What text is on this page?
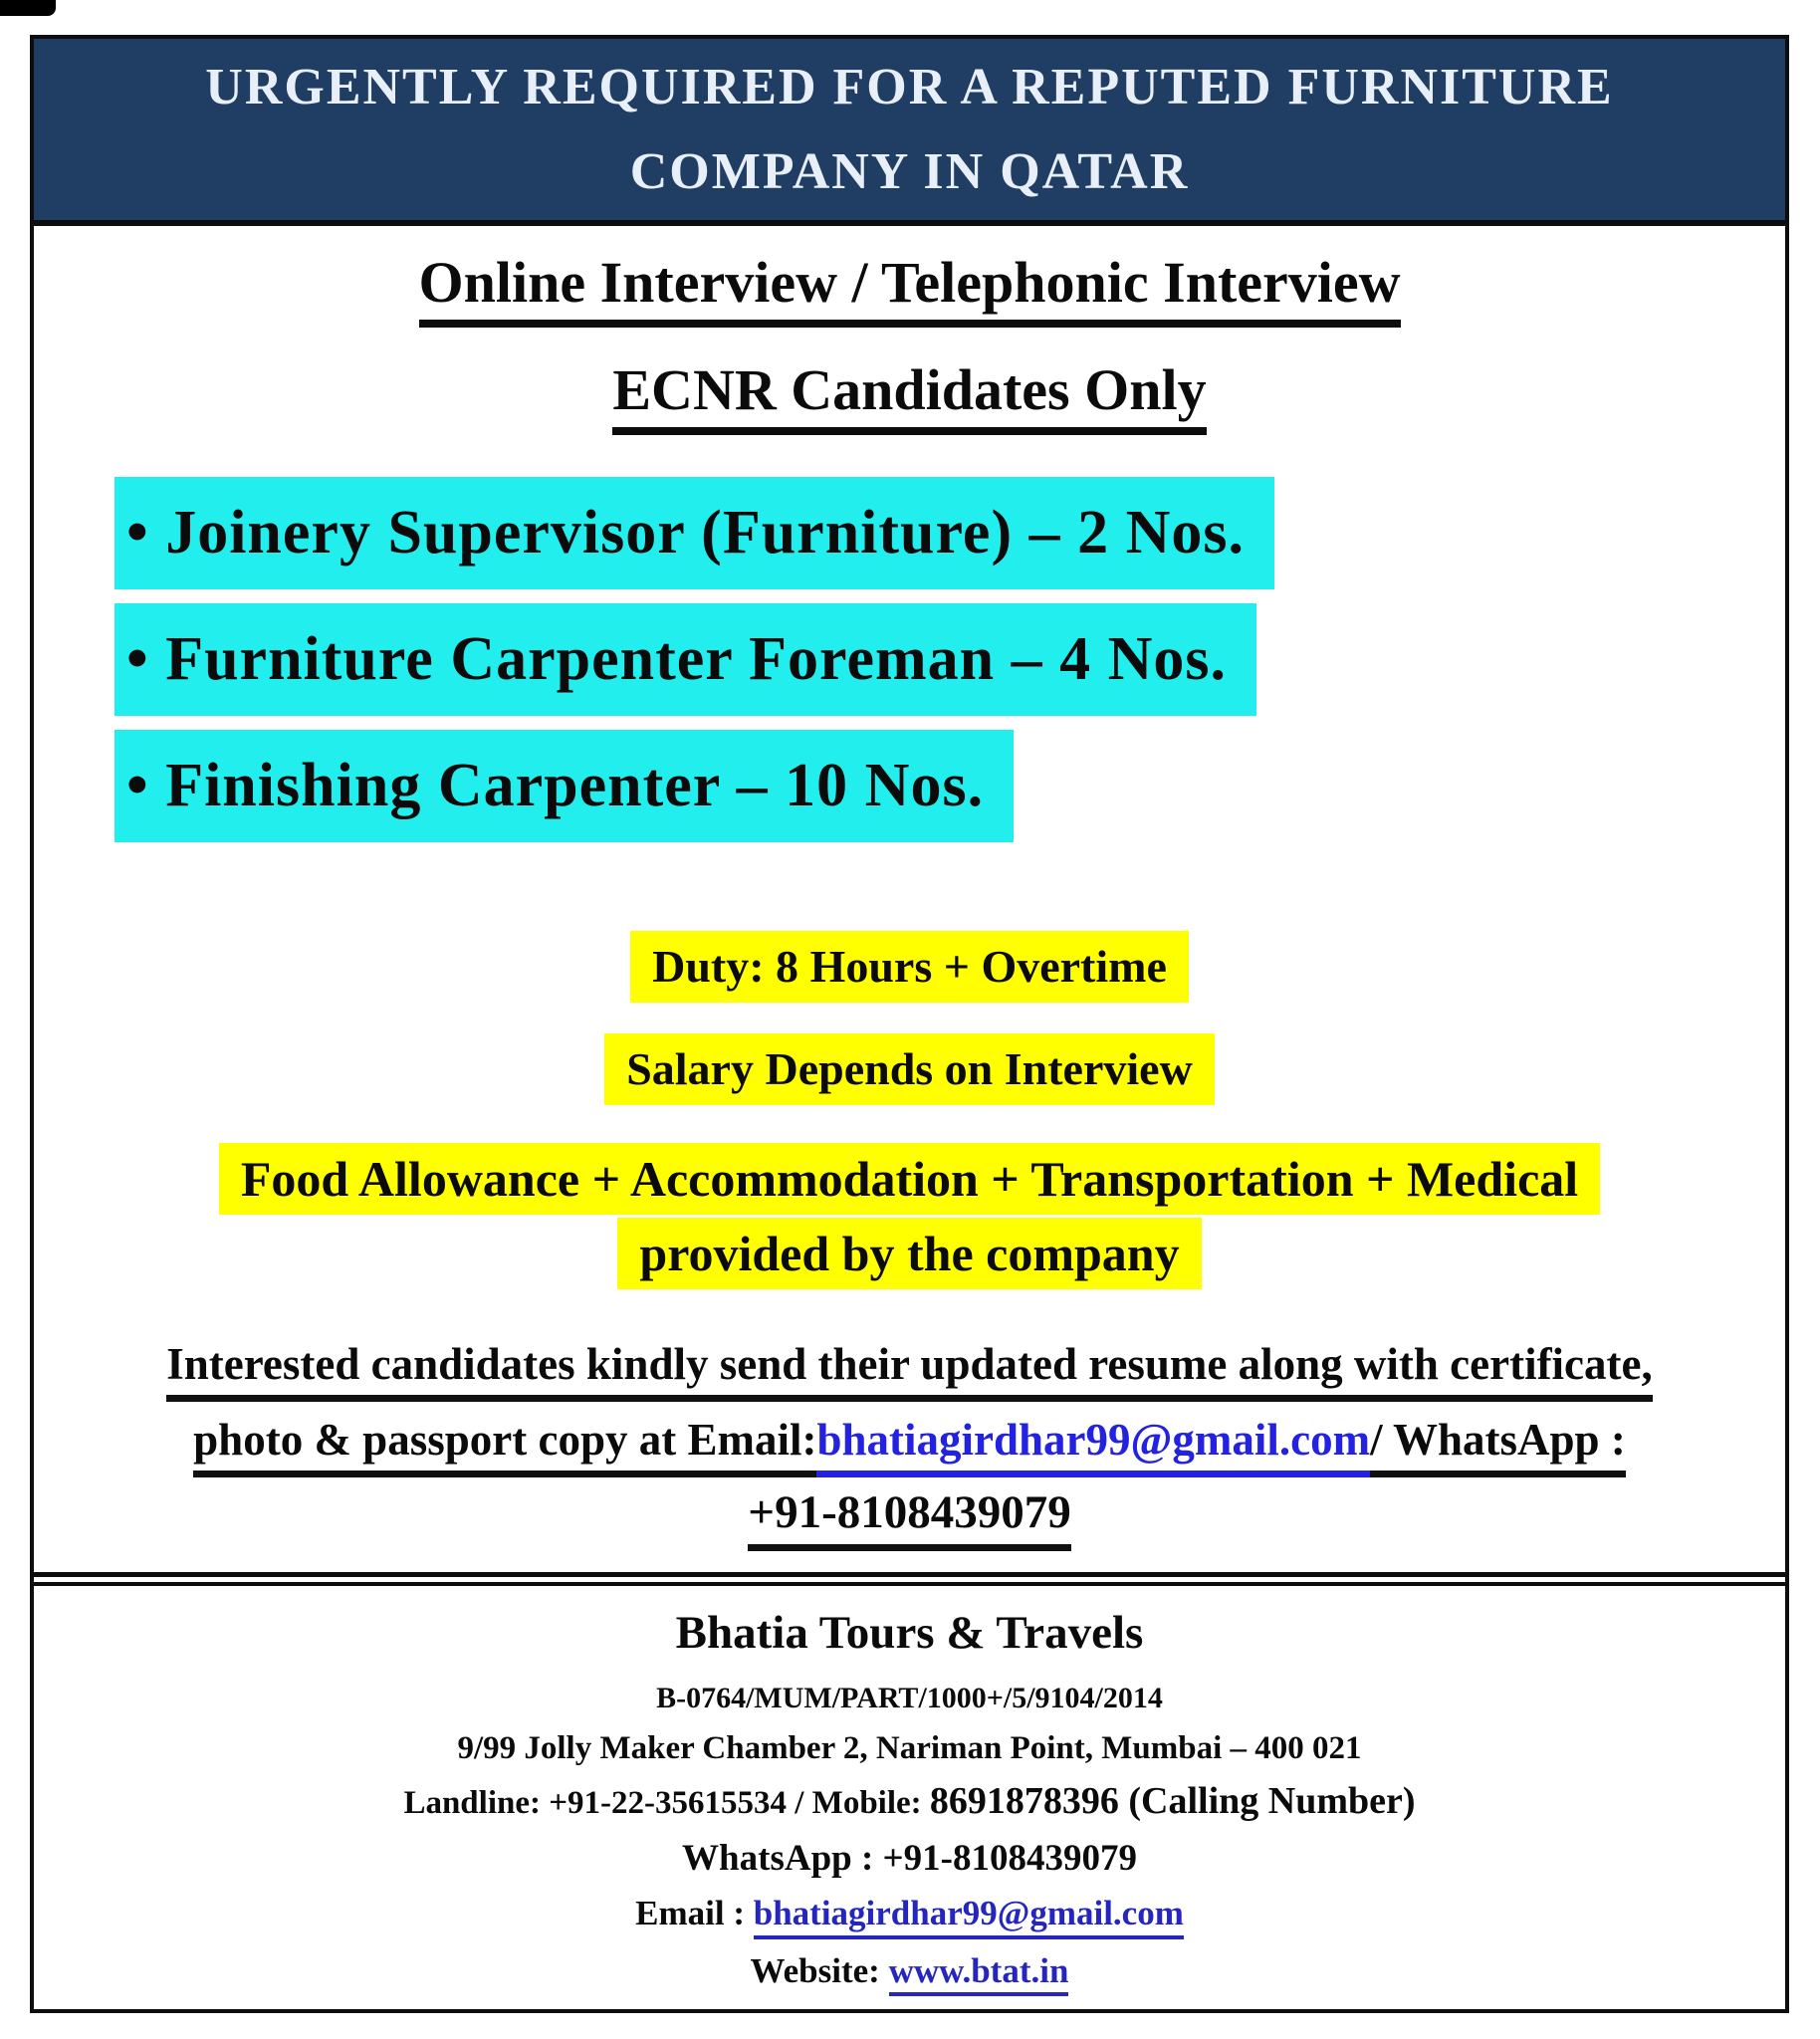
URGENTLY REQUIRED FOR A REPUTED FURNITURE
COMPANY IN QATAR
Online Interview / Telephonic Interview
ECNR Candidates Only
• Joinery Supervisor (Furniture) – 2 Nos.
• Furniture Carpenter Foreman – 4 Nos.
• Finishing Carpenter – 10 Nos.
Duty: 8 Hours + Overtime
Salary Depends on Interview
Food Allowance + Accommodation + Transportation + Medical
provided by the company
Interested candidates kindly send their updated resume along with certificate,
photo & passport copy at Email:bhatiagirdhar99@gmail.com/ WhatsApp :
+91-8108439079
Bhatia Tours & Travels
B-0764/MUM/PART/1000+/5/9104/2014
9/99 Jolly Maker Chamber 2, Nariman Point, Mumbai – 400 021
Landline: +91-22-35615534 / Mobile: 8691878396 (Calling Number)
WhatsApp : +91-8108439079
Email : bhatiagirdhar99@gmail.com
Website: www.btat.in
